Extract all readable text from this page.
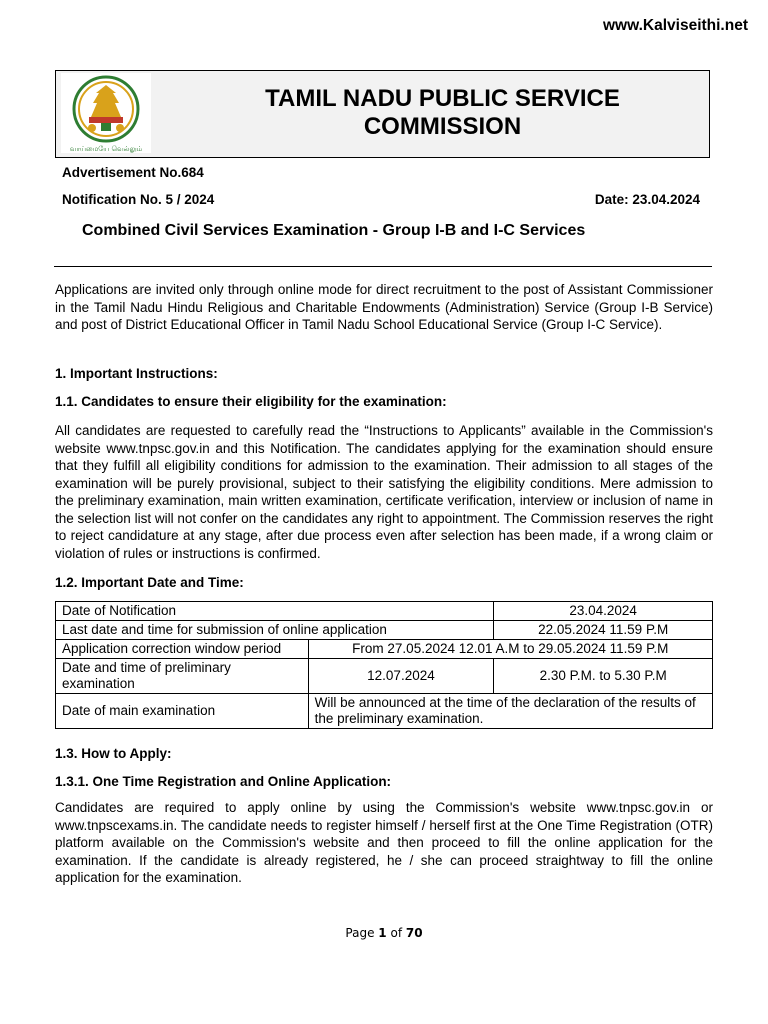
www.Kalviseithi.net
வாய்மையே வெல்லும்
TAMIL NADU PUBLIC SERVICE
COMMISSION
Advertisement No.684
Notification No. 5 / 2024	Date: 23.04.2024
Combined Civil Services Examination - Group I-B and I-C Services

Applications are invited only through online mode for direct recruitment to the post of Assistant Commissioner in the Tamil Nadu Hindu Religious and Charitable Endowments (Administration) Service (Group I-B Service) and post of District Educational Officer in Tamil Nadu School Educational Service (Group I-C Service).

1. Important Instructions:
1.1. Candidates to ensure their eligibility for the examination:

All candidates are requested to carefully read the “Instructions to Applicants” available in the Commission's website www.tnpsc.gov.in and this Notification. The candidates applying for the examination should ensure that they fulfill all eligibility conditions for admission to the examination. Their admission to all stages of the examination will be purely provisional, subject to their satisfying the eligibility conditions. Mere admission to the preliminary examination, main written examination, certificate verification, interview or inclusion of name in the selection list will not confer on the candidates any right to appointment. The Commission reserves the right to reject candidature at any stage, after due process even after selection has been made, if a wrong claim or violation of rules or instructions is confirmed.

1.2. Important Date and Time:
Date of Notification		23.04.2024
Last date and time for submission of online application		22.05.2024 11.59 P.M
Application correction window period	From 27.05.2024 12.01 A.M to 29.05.2024 11.59 P.M	
Date and time of preliminary examination	12.07.2024	2.30 P.M. to 5.30 P.M
Date of main examination	Will be announced at the time of the declaration of the results of the preliminary examination.	
1.3. How to Apply:
1.3.1. One Time Registration and Online Application:

Candidates are required to apply online by using the Commission's website www.tnpsc.gov.in or www.tnpscexams.in. The candidate needs to register himself / herself first at the One Time Registration (OTR) platform available on the Commission's website and then proceed to fill the online application for the examination. If the candidate is already registered, he / she can proceed straightway to fill the online application for the examination.

Page 1 of 70
